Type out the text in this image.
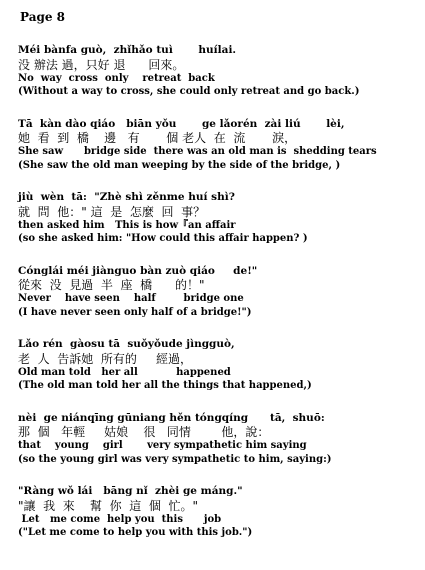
Page 8
Méi bànfa guò,  zhǐhǎo tuì       huílai.
没 辦法 過，只好 退      回來。
No  way  cross  only    retreat  back
(Without a way to cross, she could only retreat and go back.)
Tā  kàn dào qiáo   biān yǒu       ge lǎorén  zài liú       lèi,
她  看  到  橋    邊   有       個 老人  在  流       淚，
She saw      bridge side  there was an old man is  shedding tears
(She saw the old man weeping by the side of the bridge, )
jiù  wèn  tā:  "Zhè shì zěnme huí shì?
就  問  他：" 這  是  怎麼  回  事？
then asked him   This is how『an affair
(so she asked him: "How could this affair happen? )
Cónglái méi jiànguo bàn zuò qiáo     de!"
從來  没  見過  半  座  橋      的！"
Never    have seen    half        bridge one
(I have never seen only half of a bridge!")
Lǎo rén  gàosu tā  suǒyǒude jìngguò,
老  人  告訴她  所有的     經過，
Old man told   her all           happened
(The old man told her all the things that happened,)
nèi  ge niánqīng gūniang hěn tóngqíng      tā,  shuō:
那  個   年輕     姑娘    很   同情        他，說：
that    young    girl       very sympathetic him saying
(so the young girl was very sympathetic to him, saying:)
"Ràng wǒ lái   bāng nǐ  zhèi ge máng."
"讓  我  來    幫  你  這  個  忙。"
Let   me come  help you  this      job
("Let me come to help you with this job.")
